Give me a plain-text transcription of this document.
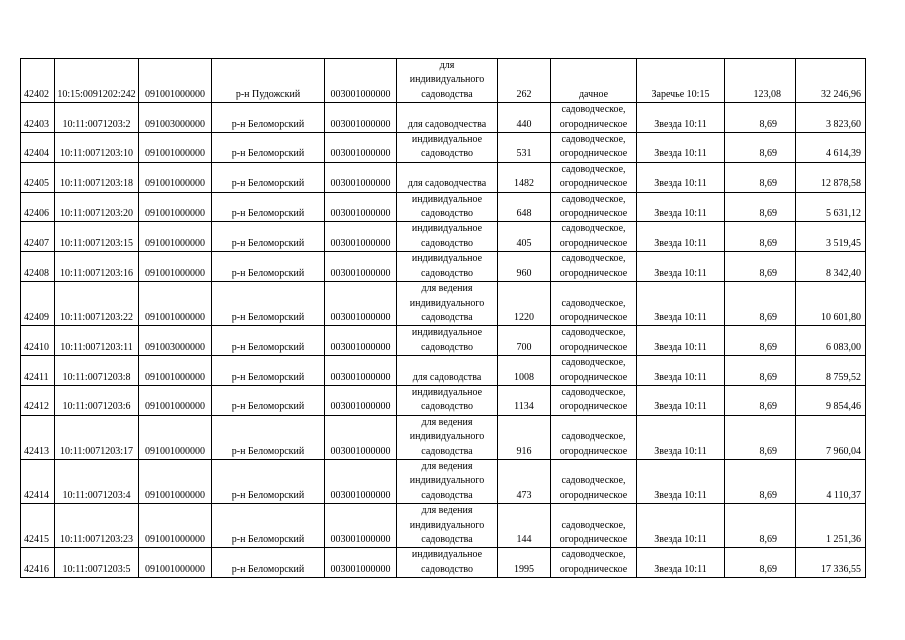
42402	10:15:0091202:242	091001000000	р-н Пудожский	003001000000	для
индивидуального
садоводства	262	дачное	Заречье 10:15	123,08	32 246,96
42403	10:11:0071203:2	091003000000	р-н Беломорский	003001000000	для садоводчества	440	садоводческое,
огородническое	Звезда 10:11	8,69	3 823,60
42404	10:11:0071203:10	091001000000	р-н Беломорский	003001000000	индивидуальное
садоводство	531	садоводческое,
огородническое	Звезда 10:11	8,69	4 614,39
42405	10:11:0071203:18	091001000000	р-н Беломорский	003001000000	для садоводчества	1482	садоводческое,
огородническое	Звезда 10:11	8,69	12 878,58
42406	10:11:0071203:20	091001000000	р-н Беломорский	003001000000	индивидуальное
садоводство	648	садоводческое,
огородническое	Звезда 10:11	8,69	5 631,12
42407	10:11:0071203:15	091001000000	р-н Беломорский	003001000000	индивидуальное
садоводство	405	садоводческое,
огородническое	Звезда 10:11	8,69	3 519,45
42408	10:11:0071203:16	091001000000	р-н Беломорский	003001000000	индивидуальное
садоводство	960	садоводческое,
огородническое	Звезда 10:11	8,69	8 342,40
42409	10:11:0071203:22	091001000000	р-н Беломорский	003001000000	для ведения
индивидуального
садоводства	1220	садоводческое,
огородническое	Звезда 10:11	8,69	10 601,80
42410	10:11:0071203:11	091003000000	р-н Беломорский	003001000000	индивидуальное
садоводство	700	садоводческое,
огородническое	Звезда 10:11	8,69	6 083,00
42411	10:11:0071203:8	091001000000	р-н Беломорский	003001000000	для садоводства	1008	садоводческое,
огородническое	Звезда 10:11	8,69	8 759,52
42412	10:11:0071203:6	091001000000	р-н Беломорский	003001000000	индивидуальное
садоводство	1134	садоводческое,
огородническое	Звезда 10:11	8,69	9 854,46
42413	10:11:0071203:17	091001000000	р-н Беломорский	003001000000	для ведения
индивидуального
садоводства	916	садоводческое,
огородническое	Звезда 10:11	8,69	7 960,04
42414	10:11:0071203:4	091001000000	р-н Беломорский	003001000000	для ведения
индивидуального
садоводства	473	садоводческое,
огородническое	Звезда 10:11	8,69	4 110,37
42415	10:11:0071203:23	091001000000	р-н Беломорский	003001000000	для ведения
индивидуального
садоводства	144	садоводческое,
огородническое	Звезда 10:11	8,69	1 251,36
42416	10:11:0071203:5	091001000000	р-н Беломорский	003001000000	индивидуальное
садоводство	1995	садоводческое,
огородническое	Звезда 10:11	8,69	17 336,55
